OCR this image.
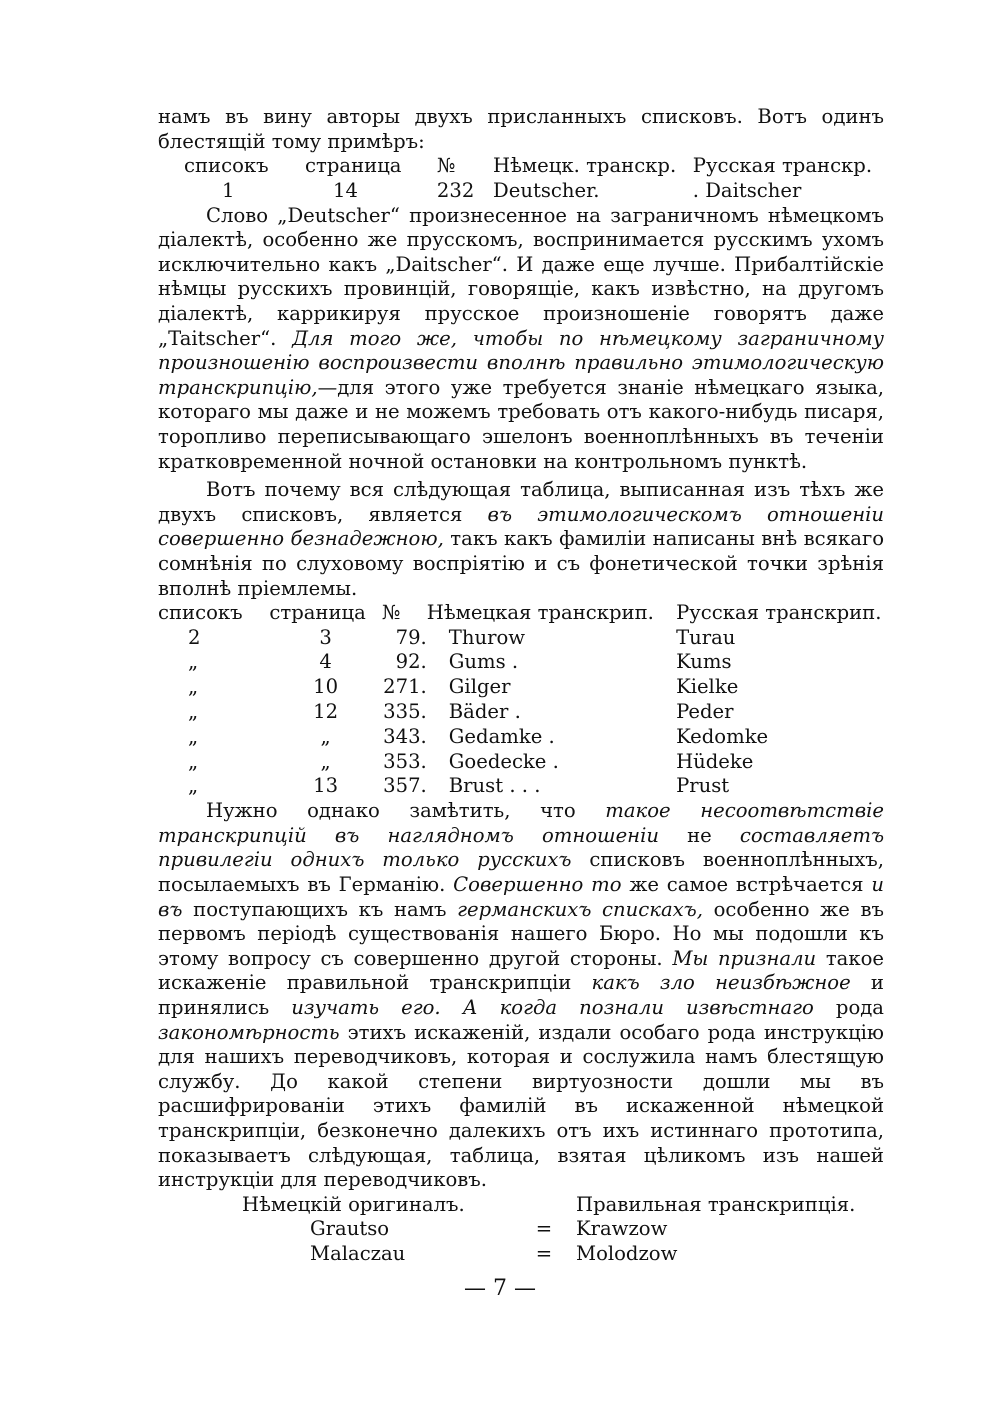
намъ въ вину авторы двухъ присланныхъ списковъ. Вотъ одинъ

блестящій тому примѣръ:

списокъ	страница	№	Нѣмецк. транскр.	Русская транскр.
1	14	232	Deutscher.	. Daitscher

Слово „Deutscher“ произнесенное на заграничномъ нѣмецкомъ діалектѣ, особенно же прусскомъ, воспринимается русскимъ ухомъ исключительно какъ „Daitscher“. И даже еще лучше. Прибалтійскіе нѣмцы русскихъ провинцій, говорящіе, какъ извѣстно, на другомъ діалектѣ, каррикируя прусское произношеніе говорятъ даже „Taitscher“. Для того же, чтобы по нѣмецкому заграничному произношенію воспроизвести вполнѣ правильно этимологическую транскрипцію,—для этого уже требуется знаніе нѣмецкаго языка, котораго мы даже и не можемъ требовать отъ какого-нибудь писаря, торопливо переписывающаго эшелонъ военноплѣнныхъ въ теченіи кратковременной ночной остановки на контрольномъ пунктѣ.

Вотъ почему вся слѣдующая таблица, выписанная изъ тѣхъ же двухъ списковъ, является въ этимологическомъ отношеніи совершенно безнадежною, такъ какъ фамиліи написаны внѣ всякаго сомнѣнія по слуховому воспріятію и съ фонетической точки зрѣнія вполнѣ пріемлемы.

списокъ	страница	№	Нѣмецкая транскрип.	Русская транскрип.
2	3	79.	Thurow	Turau
„	4	92.	Gums .	Kums
„	10	271.	Gilger	Kielke
„	12	335.	Bäder .	Peder
„	„	343.	Gedamke .	Kedomke
„	„	353.	Goedecke .	Hüdeke
„	13	357.	Brust . . .	Prust

Нужно однако замѣтить, что такое несоотвѣтствіе транскрипцій въ наглядномъ отношеніи не составляетъ привилегіи однихъ только русскихъ списковъ военноплѣнныхъ, посылаемыхъ въ Германію. Совершенно то же самое встрѣчается и въ поступающихъ къ намъ германскихъ спискахъ, особенно же въ первомъ періодѣ существованія нашего Бюро. Но мы подошли къ этому вопросу съ совершенно другой стороны. Мы признали такое искаженіе правильной транскрипціи какъ зло неизбѣжное и принялись изучать его. А когда познали извѣстнаго рода закономѣрность этихъ искаженій, издали особаго рода инструкцію для нашихъ переводчиковъ, которая и сослужила намъ блестящую службу. До какой степени виртуозности дошли мы въ расшифрированіи этихъ фамилій въ искаженной нѣмецкой транскрипціи, безконечно далекихъ отъ ихъ истиннаго прототипа, показываетъ слѣдующая, таблица, взятая цѣликомъ изъ нашей инструкціи для переводчиковъ.

Нѣмецкій оригиналъ.		Правильная транскрипція.
Grautso	=	Krawzow
Malaczau	=	Molodzow
— 7 —
